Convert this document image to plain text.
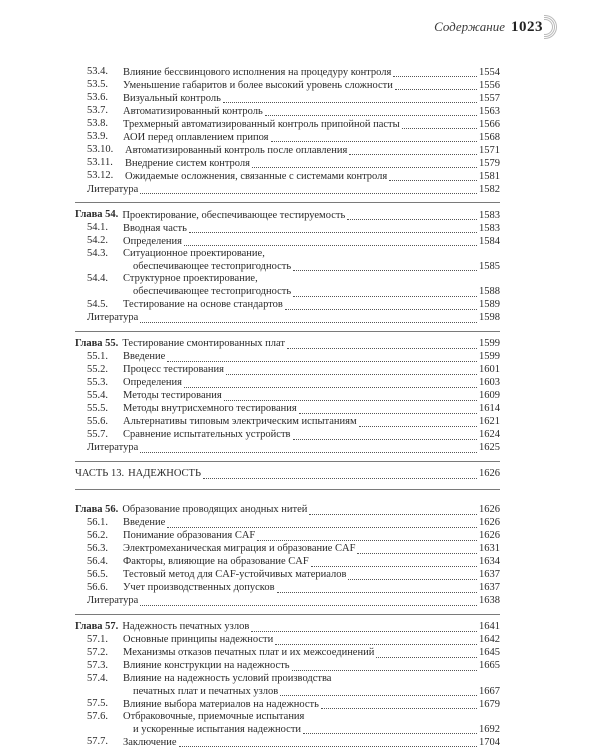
Содержание 1023
53.4.	Влияние бессвинцового исполнения на процедуру контроля	1554
53.5.	Уменьшение габаритов и более высокий уровень сложности	1556
53.6.	Визуальный контроль	1557
53.7.	Автоматизированный контроль	1563
53.8.	Трехмерный автоматизированный контроль припойной пасты	1566
53.9.	АОИ перед оплавлением припоя	1568
53.10.	Автоматизированный контроль после оплавления	1571
53.11.	Внедрение систем контроля	1579
53.12.	Ожидаемые осложнения, связанные с системами контроля	1581
Литература	1582
Глава 54. Проектирование, обеспечивающее тестируемость	1583
54.1.	Вводная часть	1583
54.2.	Определения	1584
54.3.	Ситуационное проектирование,
обеспечивающее тестопригодность	1585
54.4.	Структурное проектирование,
обеспечивающее тестопригодность	1588
54.5.	Тестирование на основе стандартов	1589
Литература	1598
Глава 55. Тестирование смонтированных плат	1599
55.1.	Введение	1599
55.2.	Процесс тестирования	1601
55.3.	Определения	1603
55.4.	Методы тестирования	1609
55.5.	Методы внутрисхемного тестирования	1614
55.6.	Альтернативы типовым электрическим испытаниям	1621
55.7.	Сравнение испытательных устройств	1624
Литература	1625
ЧАСТЬ 13. НАДЕЖНОСТЬ	1626
Глава 56. Образование проводящих анодных нитей	1626
56.1.	Введение	1626
56.2.	Понимание образования CAF	1626
56.3.	Электромеханическая миграция и образование CAF	1631
56.4.	Факторы, влияющие на образование CAF	1634
56.5.	Тестовый метод для CAF-устойчивых материалов	1637
56.6.	Учет производственных допусков	1637
Литература	1638
Глава 57. Надежность печатных узлов	1641
57.1.	Основные принципы надежности	1642
57.2.	Механизмы отказов печатных плат и их межсоединений	1645
57.3.	Влияние конструкции на надежность	1665
57.4.	Влияние на надежность условий производства
печатных плат и печатных узлов	1667
57.5.	Влияние выбора материалов на надежность	1679
57.6.	Отбраковочные, приемочные испытания
и ускоренные испытания надежности	1692
57.7.	Заключение	1704
